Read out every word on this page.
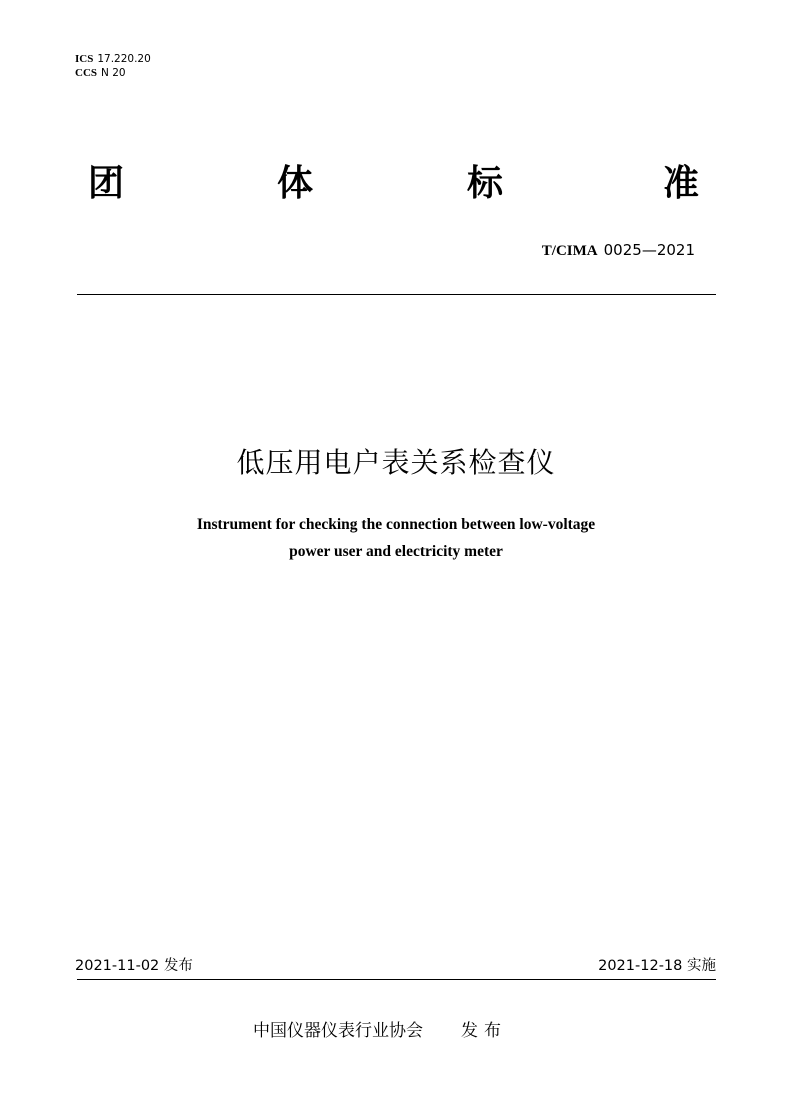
ICS 17.220.20
CCS N 20
团	体	标	准
T/CIMA 0025—2021
低压用电户表关系检查仪
Instrument for checking the connection between low-voltage
power user and electricity meter
2021-11-02 发布	2021-12-18 实施
中国仪器仪表行业协会 发布
